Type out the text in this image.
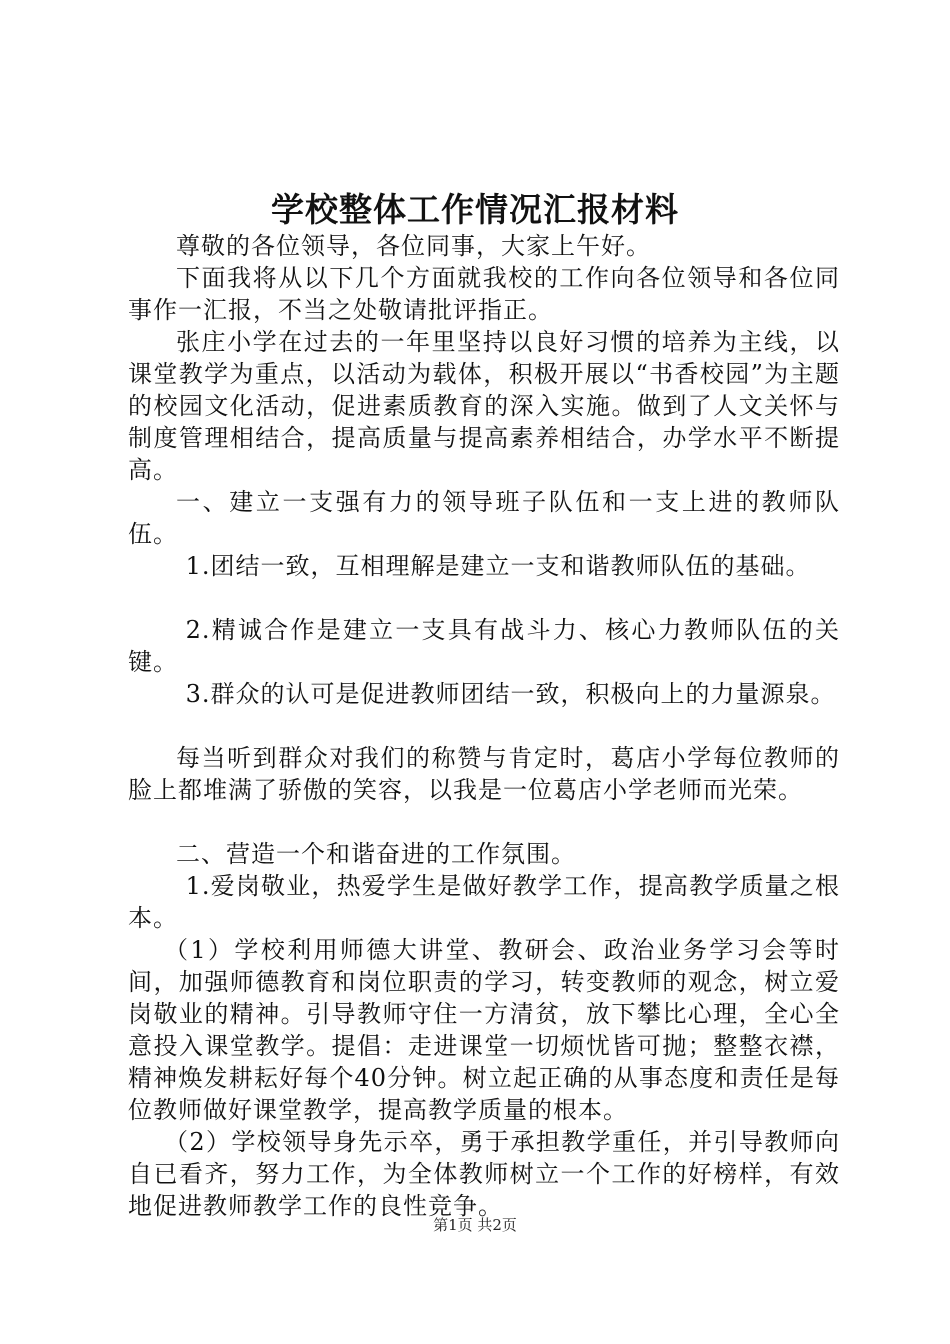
学校整体工作情况汇报材料

尊敬的各位领导，各位同事，大家上午好。

下面我将从以下几个方面就我校的工作向各位领导和各位同事作一汇报，不当之处敬请批评指正。

张庄小学在过去的一年里坚持以良好习惯的培养为主线，以课堂教学为重点，以活动为载体，积极开展以“书香校园”为主题的校园文化活动，促进素质教育的深入实施。做到了人文关怀与制度管理相结合，提高质量与提高素养相结合，办学水平不断提高。

一、建立一支强有力的领导班子队伍和一支上进的教师队伍。

1.团结一致，互相理解是建立一支和谐教师队伍的基础。

2.精诚合作是建立一支具有战斗力、核心力教师队伍的关键。

3.群众的认可是促进教师团结一致，积极向上的力量源泉。

每当听到群众对我们的称赞与肯定时，葛店小学每位教师的脸上都堆满了骄傲的笑容，以我是一位葛店小学老师而光荣。

二、营造一个和谐奋进的工作氛围。

1.爱岗敬业，热爱学生是做好教学工作，提高教学质量之根本。

（1）学校利用师德大讲堂、教研会、政治业务学习会等时间，加强师德教育和岗位职责的学习，转变教师的观念，树立爱岗敬业的精神。引导教师守住一方清贫，放下攀比心理，全心全意投入课堂教学。提倡：走进课堂一切烦忧皆可抛；整整衣襟，精神焕发耕耘好每个40分钟。树立起正确的从事态度和责任是每位教师做好课堂教学，提高教学质量的根本。

（2）学校领导身先示卒，勇于承担教学重任，并引导教师向自已看齐，努力工作，为全体教师树立一个工作的好榜样，有效地促进教师教学工作的良性竞争。

第1页 共2页
